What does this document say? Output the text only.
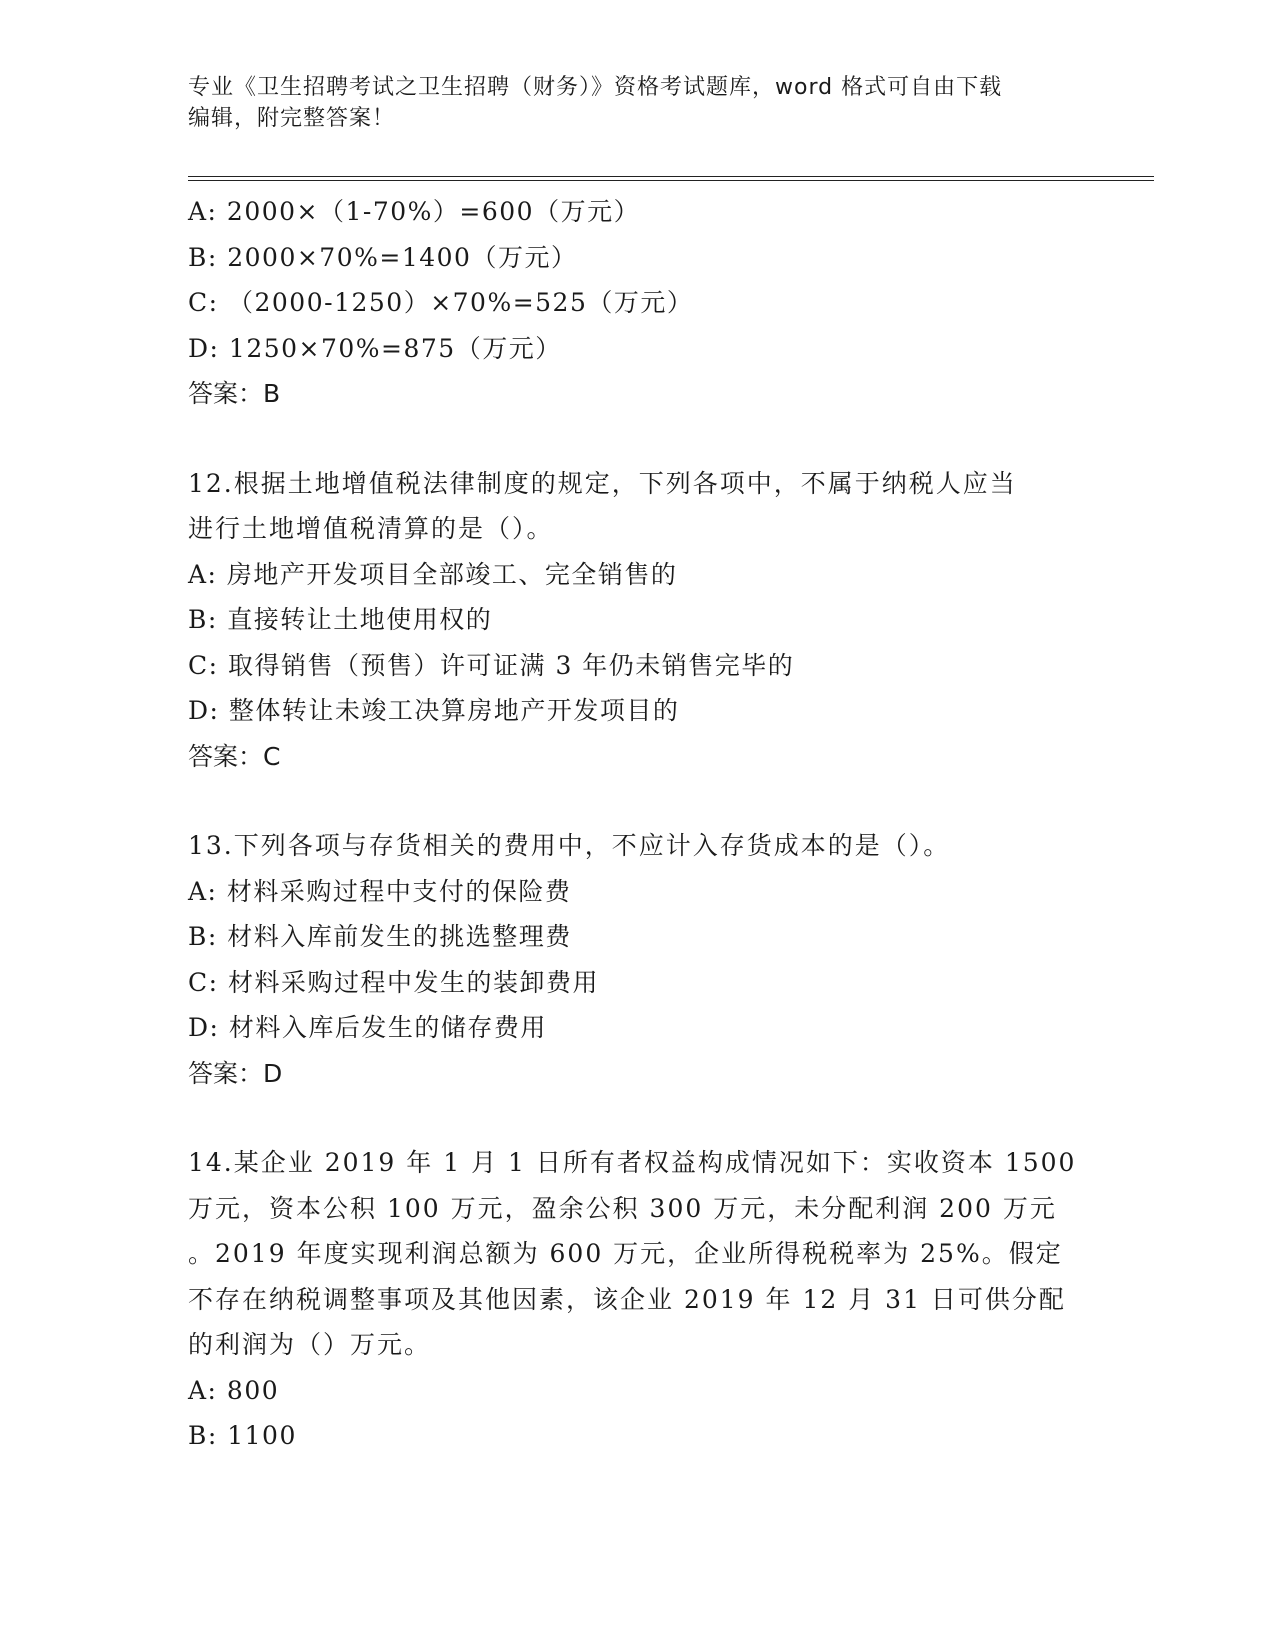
专业《卫生招聘考试之卫生招聘（财务）》资格考试题库，word 格式可自由下载
编辑，附完整答案！
A: 2000×（1-70%）=600（万元）
B: 2000×70%=1400（万元）
C: （2000-1250）×70%=525（万元）
D: 1250×70%=875（万元）
答案：B
12.根据土地增值税法律制度的规定，下列各项中，不属于纳税人应当
进行土地增值税清算的是（）。
A: 房地产开发项目全部竣工、完全销售的
B: 直接转让土地使用权的
C: 取得销售（预售）许可证满 3 年仍未销售完毕的
D: 整体转让未竣工决算房地产开发项目的
答案：C
13.下列各项与存货相关的费用中，不应计入存货成本的是（）。
A: 材料采购过程中支付的保险费
B: 材料入库前发生的挑选整理费
C: 材料采购过程中发生的装卸费用
D: 材料入库后发生的储存费用
答案：D
14.某企业 2019 年 1 月 1 日所有者权益构成情况如下：实收资本 1500
万元，资本公积 100 万元，盈余公积 300 万元，未分配利润 200 万元
。2019 年度实现利润总额为 600 万元，企业所得税税率为 25%。假定
不存在纳税调整事项及其他因素，该企业 2019 年 12 月 31 日可供分配
的利润为（）万元。
A: 800
B: 1100
